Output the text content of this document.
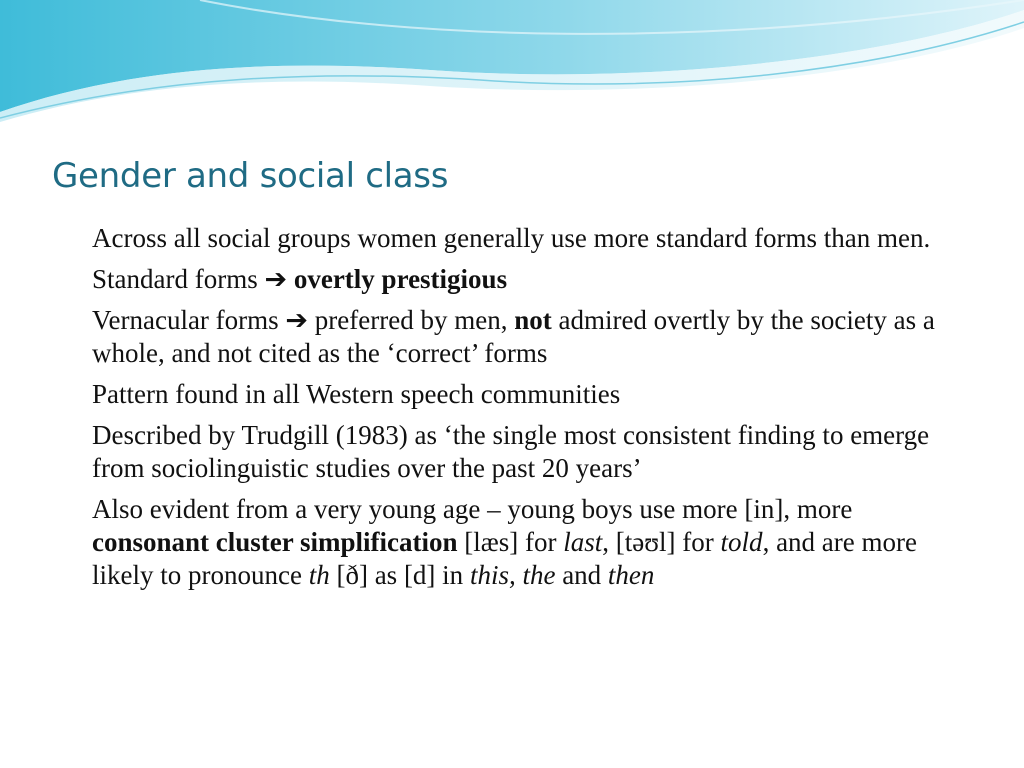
Gender and social class

Across all social groups women generally use more standard forms than men.

Standard forms ➔ overtly prestigious

Vernacular forms ➔ preferred by men, not admired overtly by the society as a whole, and not cited as the ‘correct’ forms

Pattern found in all Western speech communities

Described by Trudgill (1983) as ‘the single most consistent finding to emerge from sociolinguistic studies over the past 20 years’

Also evident from a very young age – young boys use more [in], more consonant cluster simplification [læs] for last, [təʊl] for told, and are more likely to pronounce th [ð] as [d] in this, the and then
